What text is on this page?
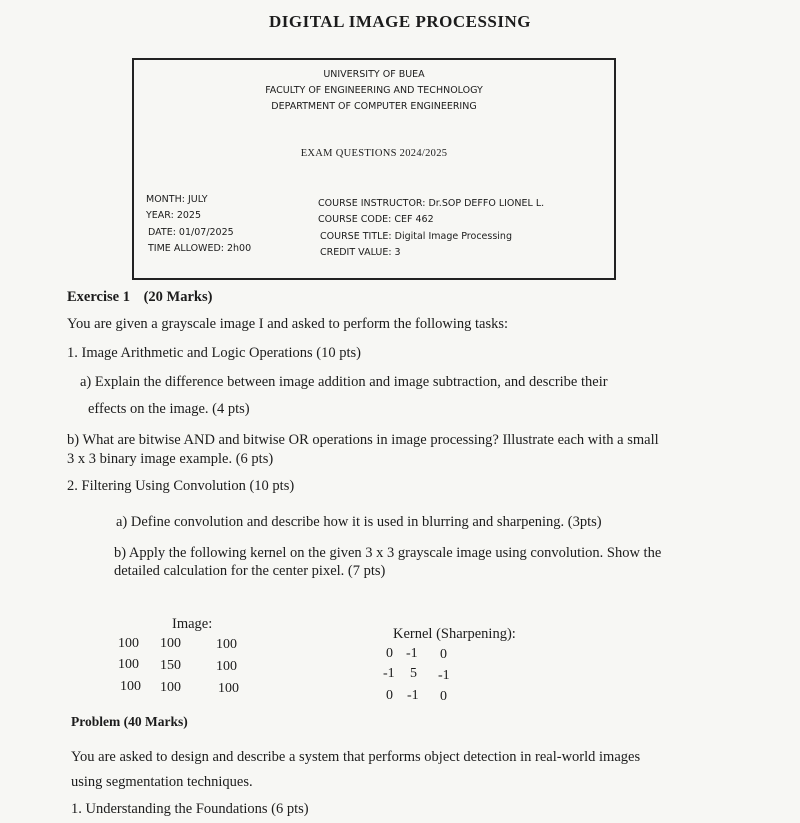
DIGITAL IMAGE PROCESSING
UNIVERSITY OF BUEA
FACULTY OF ENGINEERING AND TECHNOLOGY
DEPARTMENT OF COMPUTER ENGINEERING
EXAM QUESTIONS 2024/2025
MONTH: JULY
YEAR: 2025
DATE: 01/07/2025
TIME ALLOWED: 2h00
COURSE INSTRUCTOR: Dr.SOP DEFFO LIONEL L.
COURSE CODE: CEF 462
COURSE TITLE: Digital Image Processing
CREDIT VALUE: 3
Exercise 1 (20 Marks)
You are given a grayscale image I and asked to perform the following tasks:
1. Image Arithmetic and Logic Operations (10 pts)
a) Explain the difference between image addition and image subtraction, and describe their
effects on the image. (4 pts)
b) What are bitwise AND and bitwise OR operations in image processing? Illustrate each with a small
3 x 3 binary image example. (6 pts)
2. Filtering Using Convolution (10 pts)
a) Define convolution and describe how it is used in blurring and sharpening. (3pts)
b) Apply the following kernel on the given 3 x 3 grayscale image using convolution. Show the
detailed calculation for the center pixel. (7 pts)
Image:
100 100	100
100 150	100
100 100	100
Kernel (Sharpening):
0 -1 0
-1 5 -1
0 -1 0
Problem (40 Marks)
You are asked to design and describe a system that performs object detection in real-world images
using segmentation techniques.
1. Understanding the Foundations (6 pts)
